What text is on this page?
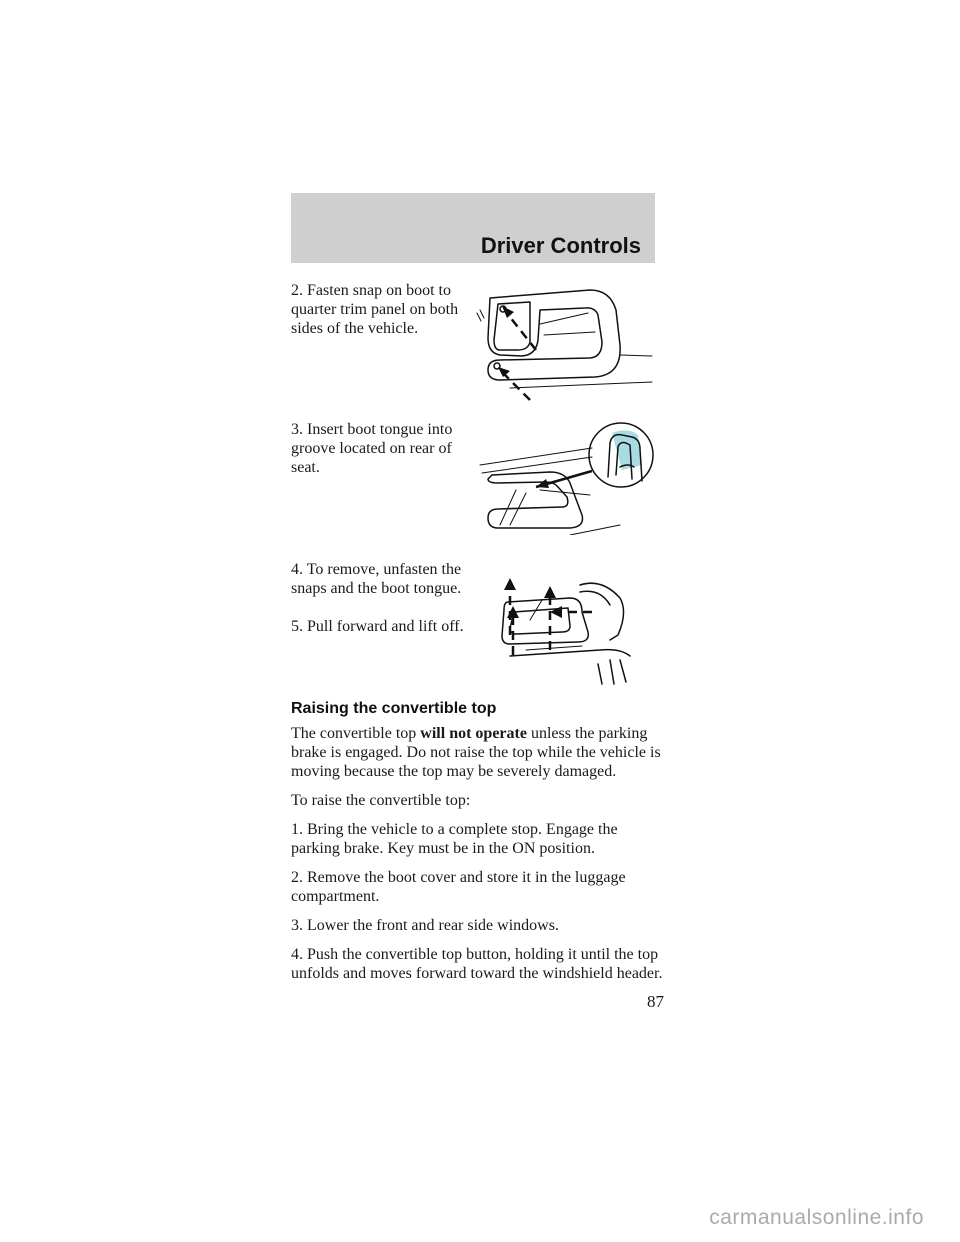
Driver Controls

2. Fasten snap on boot to quarter trim panel on both sides of the vehicle.

3. Insert boot tongue into groove located on rear of seat.

4. To remove, unfasten the snaps and the boot tongue.

5. Pull forward and lift off.

Raising the convertible top

The convertible top will not operate unless the parking brake is engaged. Do not raise the top while the vehicle is moving because the top may be severely damaged.

To raise the convertible top:

1. Bring the vehicle to a complete stop. Engage the parking brake. Key must be in the ON position.

2. Remove the boot cover and store it in the luggage compartment.

3. Lower the front and rear side windows.

4. Push the convertible top button, holding it until the top unfolds and moves forward toward the windshield header.

87
carmanualsonline.info
